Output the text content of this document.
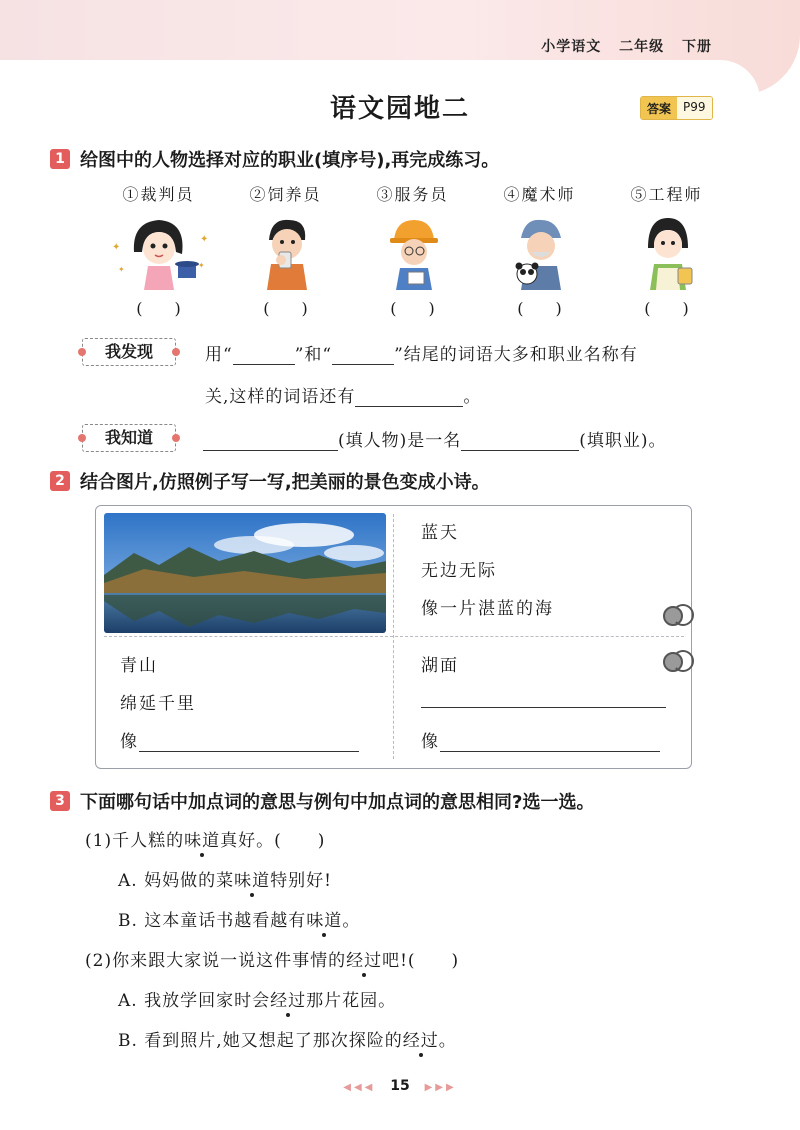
小学语文 二年级 下册
语文园地二	答案	P99
1 给图中的人物选择对应的职业(填序号),再完成练习。
①裁判员	②饲养员	③服务员	④魔术师	⑤工程师
✦
✦
✦
✦
(　　)	(　　)	(　　)	(　　)	(　　)
我发现	用“	”和“	”结尾的词语大多和职业名称有
关,这样的词语还有	。
我知道	(填人物)是一名	(填职业)。
2 结合图片,仿照例子写一写,把美丽的景色变成小诗。
蓝天
无边无际
像一片湛蓝的海
青山
绵延千里
像
湖面
像
3 下面哪句话中加点词的意思与例句中加点词的意思相同?选一选。
(1)千人糕的味道真好。(　　)
A. 妈妈做的菜味道特别好!
B. 这本童话书越看越有味道。
(2)你来跟大家说一说这件事情的经过吧!(　　)
A. 我放学回家时会经过那片花园。
B. 看到照片,她又想起了那次探险的经过。
◀◀◀ 15 ▶▶▶
